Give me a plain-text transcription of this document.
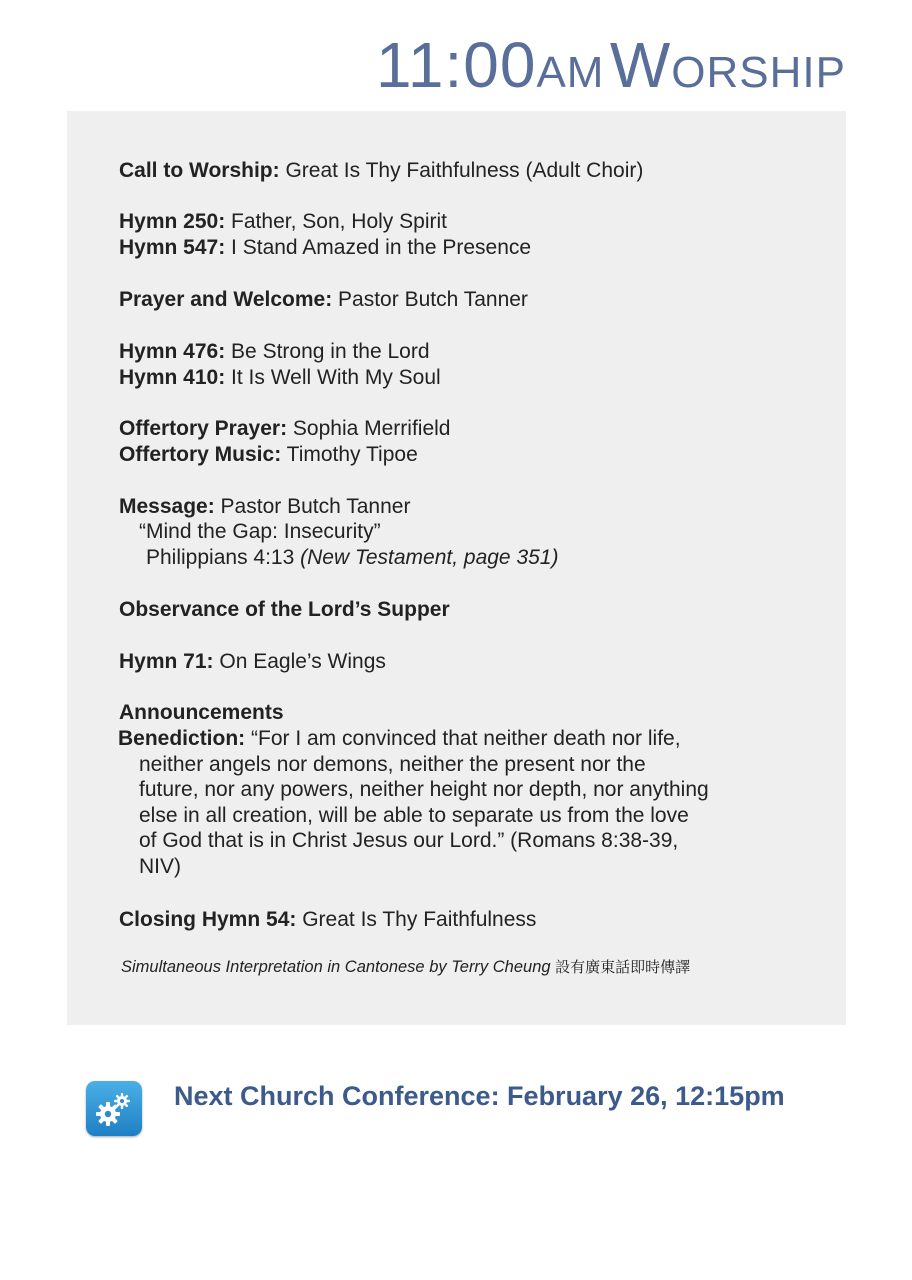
11:00AM WORSHIP
Call to Worship: Great Is Thy Faithfulness (Adult Choir)
Hymn 250: Father, Son, Holy Spirit
Hymn 547: I Stand Amazed in the Presence
Prayer and Welcome: Pastor Butch Tanner
Hymn 476: Be Strong in the Lord
Hymn 410: It Is Well With My Soul
Offertory Prayer: Sophia Merrifield
Offertory Music: Timothy Tipoe
Message: Pastor Butch Tanner
“Mind the Gap: Insecurity”
Philippians 4:13 (New Testament, page 351)
Observance of the Lord’s Supper
Hymn 71: On Eagle’s Wings
Announcements
Benediction: “For I am convinced that neither death nor life,
neither angels nor demons, neither the present nor the
future, nor any powers, neither height nor depth, nor anything
else in all creation, will be able to separate us from the love
of God that is in Christ Jesus our Lord.” (Romans 8:38-39,
NIV)
Closing Hymn 54: Great Is Thy Faithfulness
Simultaneous Interpretation in Cantonese by Terry Cheung 設有廣東話即時傳譯
Next Church Conference: February 26, 12:15pm
